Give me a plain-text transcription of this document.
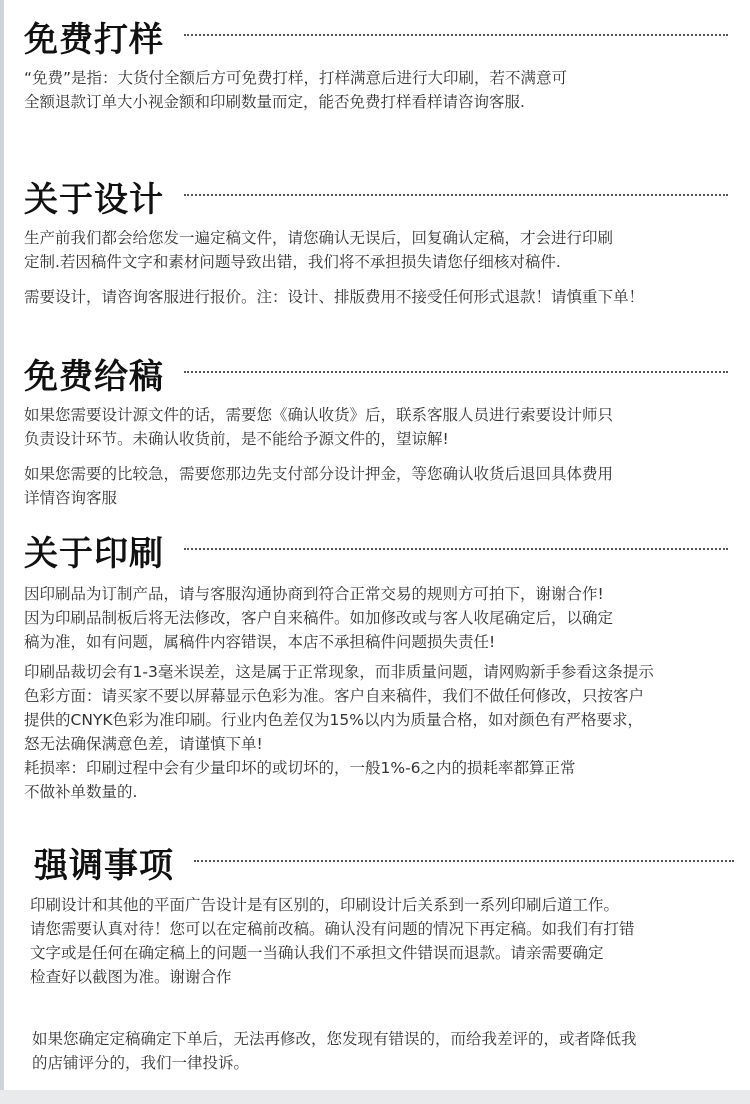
免费打样
“免费”是指：大货付全额后方可免费打样，打样满意后进行大印刷，若不满意可
全额退款订单大小视金额和印刷数量而定，能否免费打样看样请咨询客服.
关于设计
生产前我们都会给您发一遍定稿文件，请您确认无误后，回复确认定稿，才会进行印刷
定制.若因稿件文字和素材问题导致出错，我们将不承担损失请您仔细核对稿件.
需要设计，请咨询客服进行报价。注：设计、排版费用不接受任何形式退款！请慎重下单！
免费给稿
如果您需要设计源文件的话，需要您《确认收货》后，联系客服人员进行索要设计师只
负责设计环节。未确认收货前，是不能给予源文件的，望谅解!
如果您需要的比较急，需要您那边先支付部分设计押金，等您确认收货后退回具体费用
详情咨询客服
关于印刷
因印刷品为订制产品，请与客服沟通协商到符合正常交易的规则方可拍下，谢谢合作!
因为印刷品制板后将无法修改，客户自来稿件。如加修改或与客人收尾确定后，以确定
稿为准，如有问题，属稿件内容错误，本店不承担稿件问题损失责任!
印刷品裁切会有1-3毫米误差，这是属于正常现象，而非质量问题，请网购新手参看这条提示
色彩方面：请买家不要以屏幕显示色彩为准。客户自来稿件，我们不做任何修改，只按客户
提供的CNYK色彩为准印刷。行业内色差仅为15%以内为质量合格，如对颜色有严格要求，
怒无法确保满意色差，请谨慎下单!
耗损率：印刷过程中会有少量印坏的或切坏的，一般1%-6之内的损耗率都算正常
不做补单数量的.
强调事项
印刷设计和其他的平面广告设计是有区别的，印刷设计后关系到一系列印刷后道工作。
请您需要认真对待！您可以在定稿前改稿。确认没有问题的情况下再定稿。如我们有打错
文字或是任何在确定稿上的问题一当确认我们不承担文件错误而退款。请亲需要确定
检查好以截图为准。谢谢合作
如果您确定定稿确定下单后，无法再修改，您发现有错误的，而给我差评的，或者降低我
的店铺评分的，我们一律投诉。
